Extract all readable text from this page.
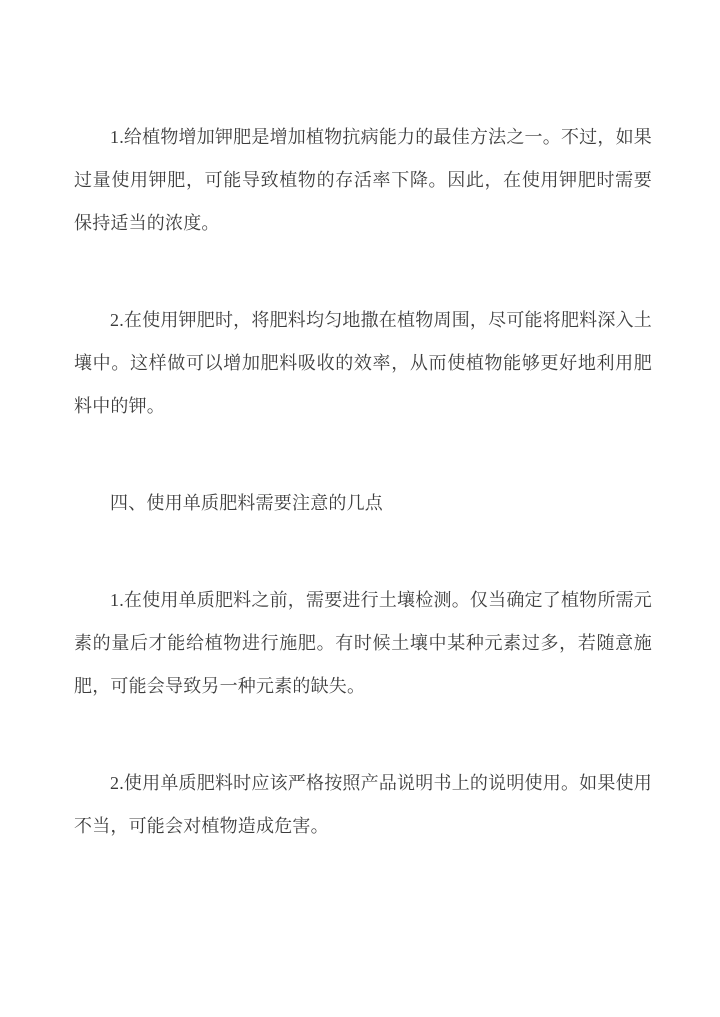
1.给植物增加钾肥是增加植物抗病能力的最佳方法之一。不过，如果过量使用钾肥，可能导致植物的存活率下降。因此，在使用钾肥时需要保持适当的浓度。

2.在使用钾肥时，将肥料均匀地撒在植物周围，尽可能将肥料深入土壤中。这样做可以增加肥料吸收的效率，从而使植物能够更好地利用肥料中的钾。

四、使用单质肥料需要注意的几点

1.在使用单质肥料之前，需要进行土壤检测。仅当确定了植物所需元素的量后才能给植物进行施肥。有时候土壤中某种元素过多，若随意施肥，可能会导致另一种元素的缺失。

2.使用单质肥料时应该严格按照产品说明书上的说明使用。如果使用不当，可能会对植物造成危害。
